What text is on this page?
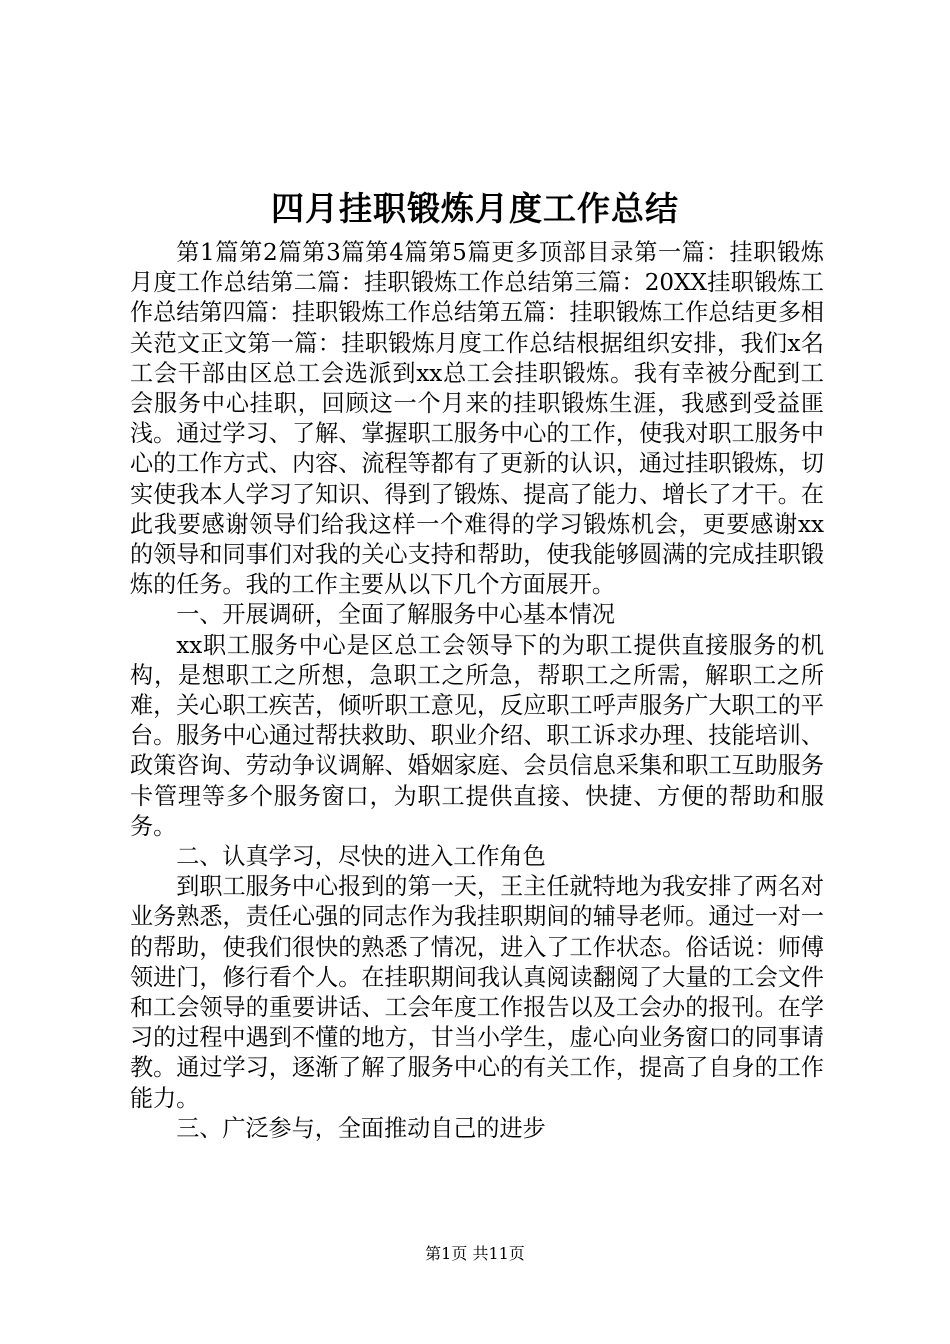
四月挂职锻炼月度工作总结

第1篇第2篇第3篇第4篇第5篇更多顶部目录第一篇：挂职锻炼月度工作总结第二篇：挂职锻炼工作总结第三篇：20XX挂职锻炼工作总结第四篇：挂职锻炼工作总结第五篇：挂职锻炼工作总结更多相关范文正文第一篇：挂职锻炼月度工作总结根据组织安排，我们x名工会干部由区总工会选派到xx总工会挂职锻炼。我有幸被分配到工会服务中心挂职，回顾这一个月来的挂职锻炼生涯，我感到受益匪浅。通过学习、了解、掌握职工服务中心的工作，使我对职工服务中心的工作方式、内容、流程等都有了更新的认识，通过挂职锻炼，切实使我本人学习了知识、得到了锻炼、提高了能力、增长了才干。在此我要感谢领导们给我这样一个难得的学习锻炼机会，更要感谢xx的领导和同事们对我的关心支持和帮助，使我能够圆满的完成挂职锻炼的任务。我的工作主要从以下几个方面展开。

一、开展调研，全面了解服务中心基本情况

xx职工服务中心是区总工会领导下的为职工提供直接服务的机构，是想职工之所想，急职工之所急，帮职工之所需，解职工之所难，关心职工疾苦，倾听职工意见，反应职工呼声服务广大职工的平台。服务中心通过帮扶救助、职业介绍、职工诉求办理、技能培训、政策咨询、劳动争议调解、婚姻家庭、会员信息采集和职工互助服务卡管理等多个服务窗口，为职工提供直接、快捷、方便的帮助和服务。

二、认真学习，尽快的进入工作角色

到职工服务中心报到的第一天，王主任就特地为我安排了两名对业务熟悉，责任心强的同志作为我挂职期间的辅导老师。通过一对一的帮助，使我们很快的熟悉了情况，进入了工作状态。俗话说：师傅领进门，修行看个人。在挂职期间我认真阅读翻阅了大量的工会文件和工会领导的重要讲话、工会年度工作报告以及工会办的报刊。在学习的过程中遇到不懂的地方，甘当小学生，虚心向业务窗口的同事请教。通过学习，逐渐了解了服务中心的有关工作，提高了自身的工作能力。

三、广泛参与，全面推动自己的进步

第1页 共11页
